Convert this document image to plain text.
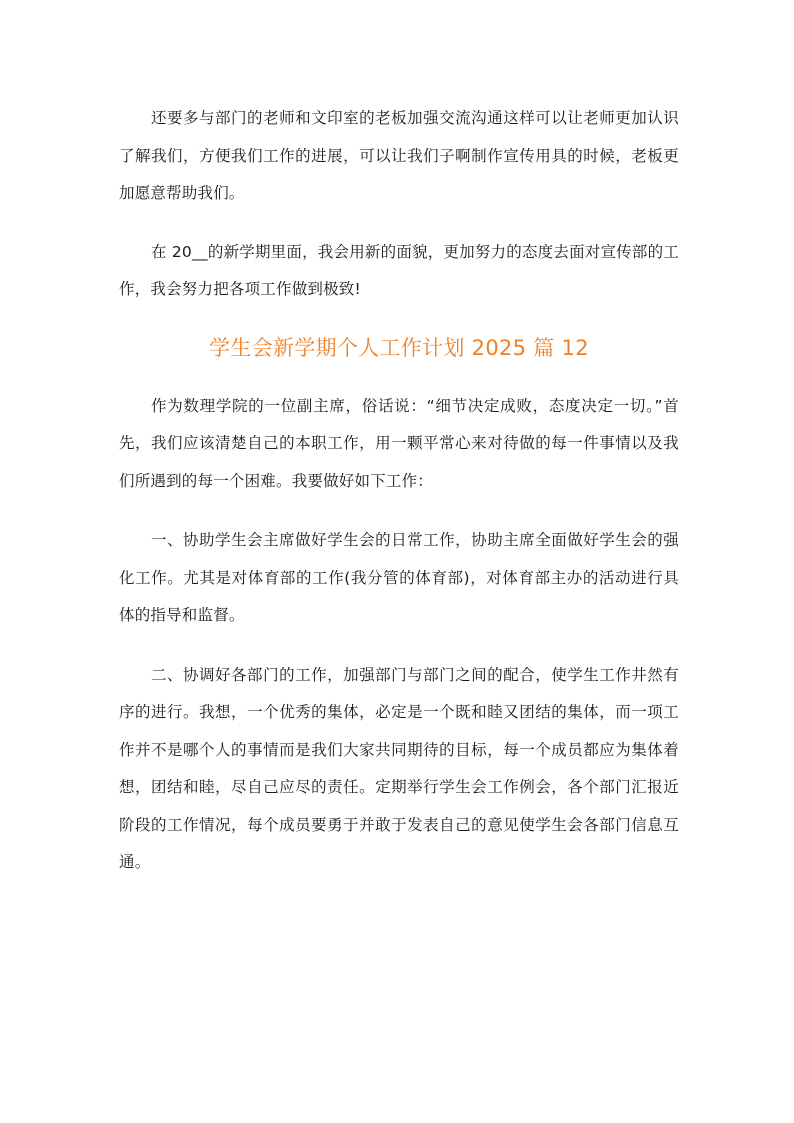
还要多与部门的老师和文印室的老板加强交流沟通这样可以让老师更加认识了解我们，方便我们工作的进展，可以让我们子啊制作宣传用具的时候，老板更加愿意帮助我们。

在 20__的新学期里面，我会用新的面貌，更加努力的态度去面对宣传部的工作，我会努力把各项工作做到极致!

学生会新学期个人工作计划 2025 篇 12

作为数理学院的一位副主席，俗话说：“细节决定成败，态度决定一切。”首先，我们应该清楚自己的本职工作，用一颗平常心来对待做的每一件事情以及我们所遇到的每一个困难。我要做好如下工作：

一、协助学生会主席做好学生会的日常工作，协助主席全面做好学生会的强化工作。尤其是对体育部的工作(我分管的体育部)，对体育部主办的活动进行具体的指导和监督。

二、协调好各部门的工作，加强部门与部门之间的配合，使学生工作井然有序的进行。我想，一个优秀的集体，必定是一个既和睦又团结的集体，而一项工作并不是哪个人的事情而是我们大家共同期待的目标，每一个成员都应为集体着想，团结和睦，尽自己应尽的责任。定期举行学生会工作例会，各个部门汇报近阶段的工作情况，每个成员要勇于并敢于发表自己的意见使学生会各部门信息互通。
